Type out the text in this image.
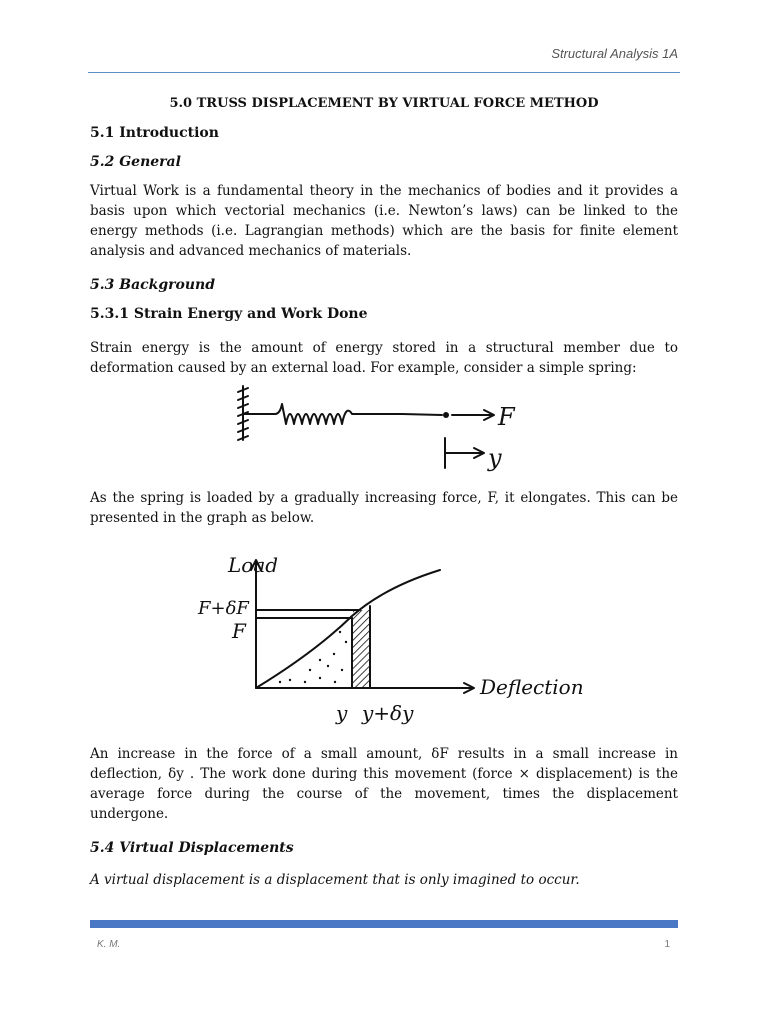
Structural Analysis 1A
5.0 TRUSS DISPLACEMENT BY VIRTUAL FORCE METHOD
5.1 Introduction
5.2 General

Virtual Work is a fundamental theory in the mechanics of bodies and it provides a basis upon which vectorial mechanics (i.e. Newton’s laws) can be linked to the energy methods (i.e. Lagrangian methods) which are the basis for finite element analysis and advanced mechanics of materials.

5.3 Background
5.3.1 Strain Energy and Work Done

Strain energy is the amount of energy stored in a structural member due to deformation caused by an external load. For example, consider a simple spring:

F
y

As the spring is loaded by a gradually increasing force, F, it elongates. This can be presented in the graph as below.

Load
F+δF
F
Deflection
y y+δy

An increase in the force of a small amount, δF results in a small increase in deflection, δy . The work done during this movement (force × displacement) is the average force during the course of the movement, times the displacement undergone.

5.4 Virtual Displacements

A virtual displacement is a displacement that is only imagined to occur.

K. M.	1
